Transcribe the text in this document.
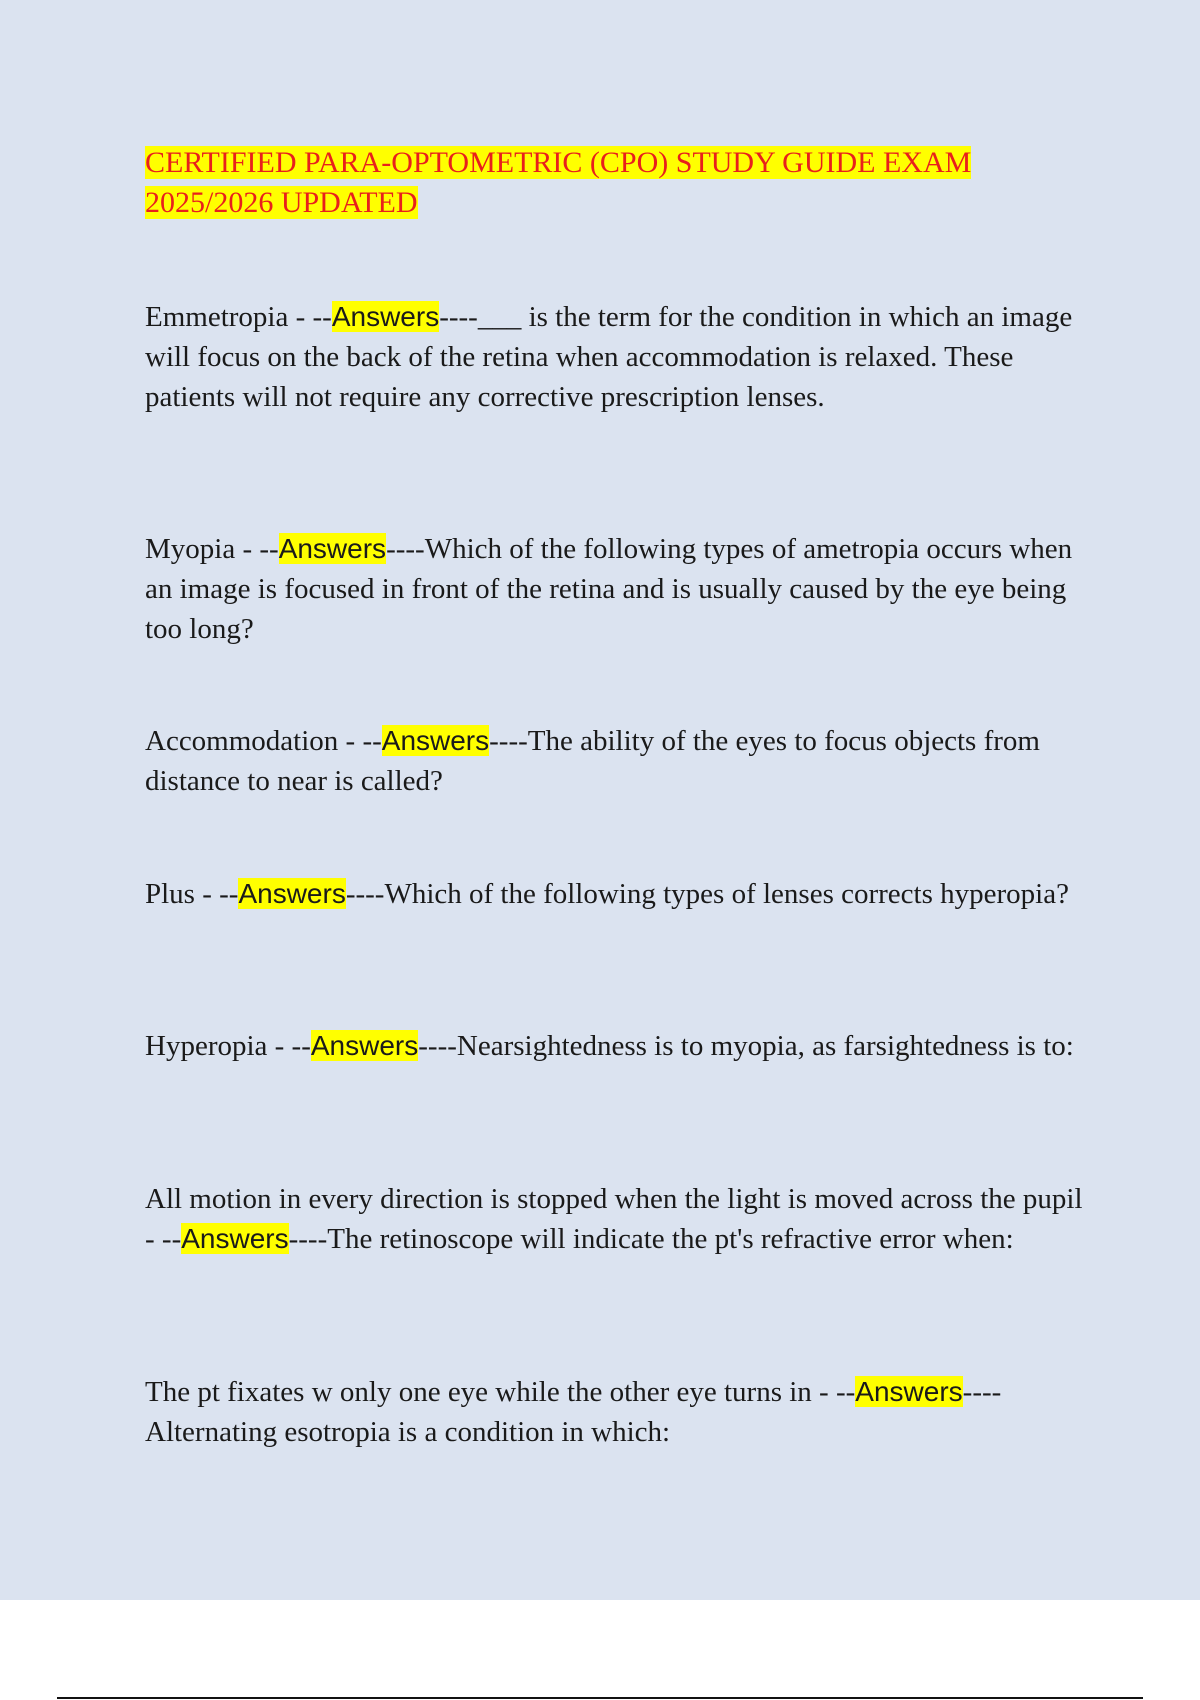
CERTIFIED PARA-OPTOMETRIC (CPO) STUDY GUIDE EXAM 2025/2026 UPDATED

Emmetropia - --Answers----___ is the term for the condition in which an image will focus on the back of the retina when accommodation is relaxed. These patients will not require any corrective prescription lenses.

Myopia - --Answers----Which of the following types of ametropia occurs when an image is focused in front of the retina and is usually caused by the eye being too long?

Accommodation - --Answers----The ability of the eyes to focus objects from distance to near is called?

Plus - --Answers----Which of the following types of lenses corrects hyperopia?

Hyperopia - --Answers----Nearsightedness is to myopia, as farsightedness is to:

All motion in every direction is stopped when the light is moved across the pupil - --Answers----The retinoscope will indicate the pt's refractive error when:

The pt fixates w only one eye while the other eye turns in - --Answers----Alternating esotropia is a condition in which:
